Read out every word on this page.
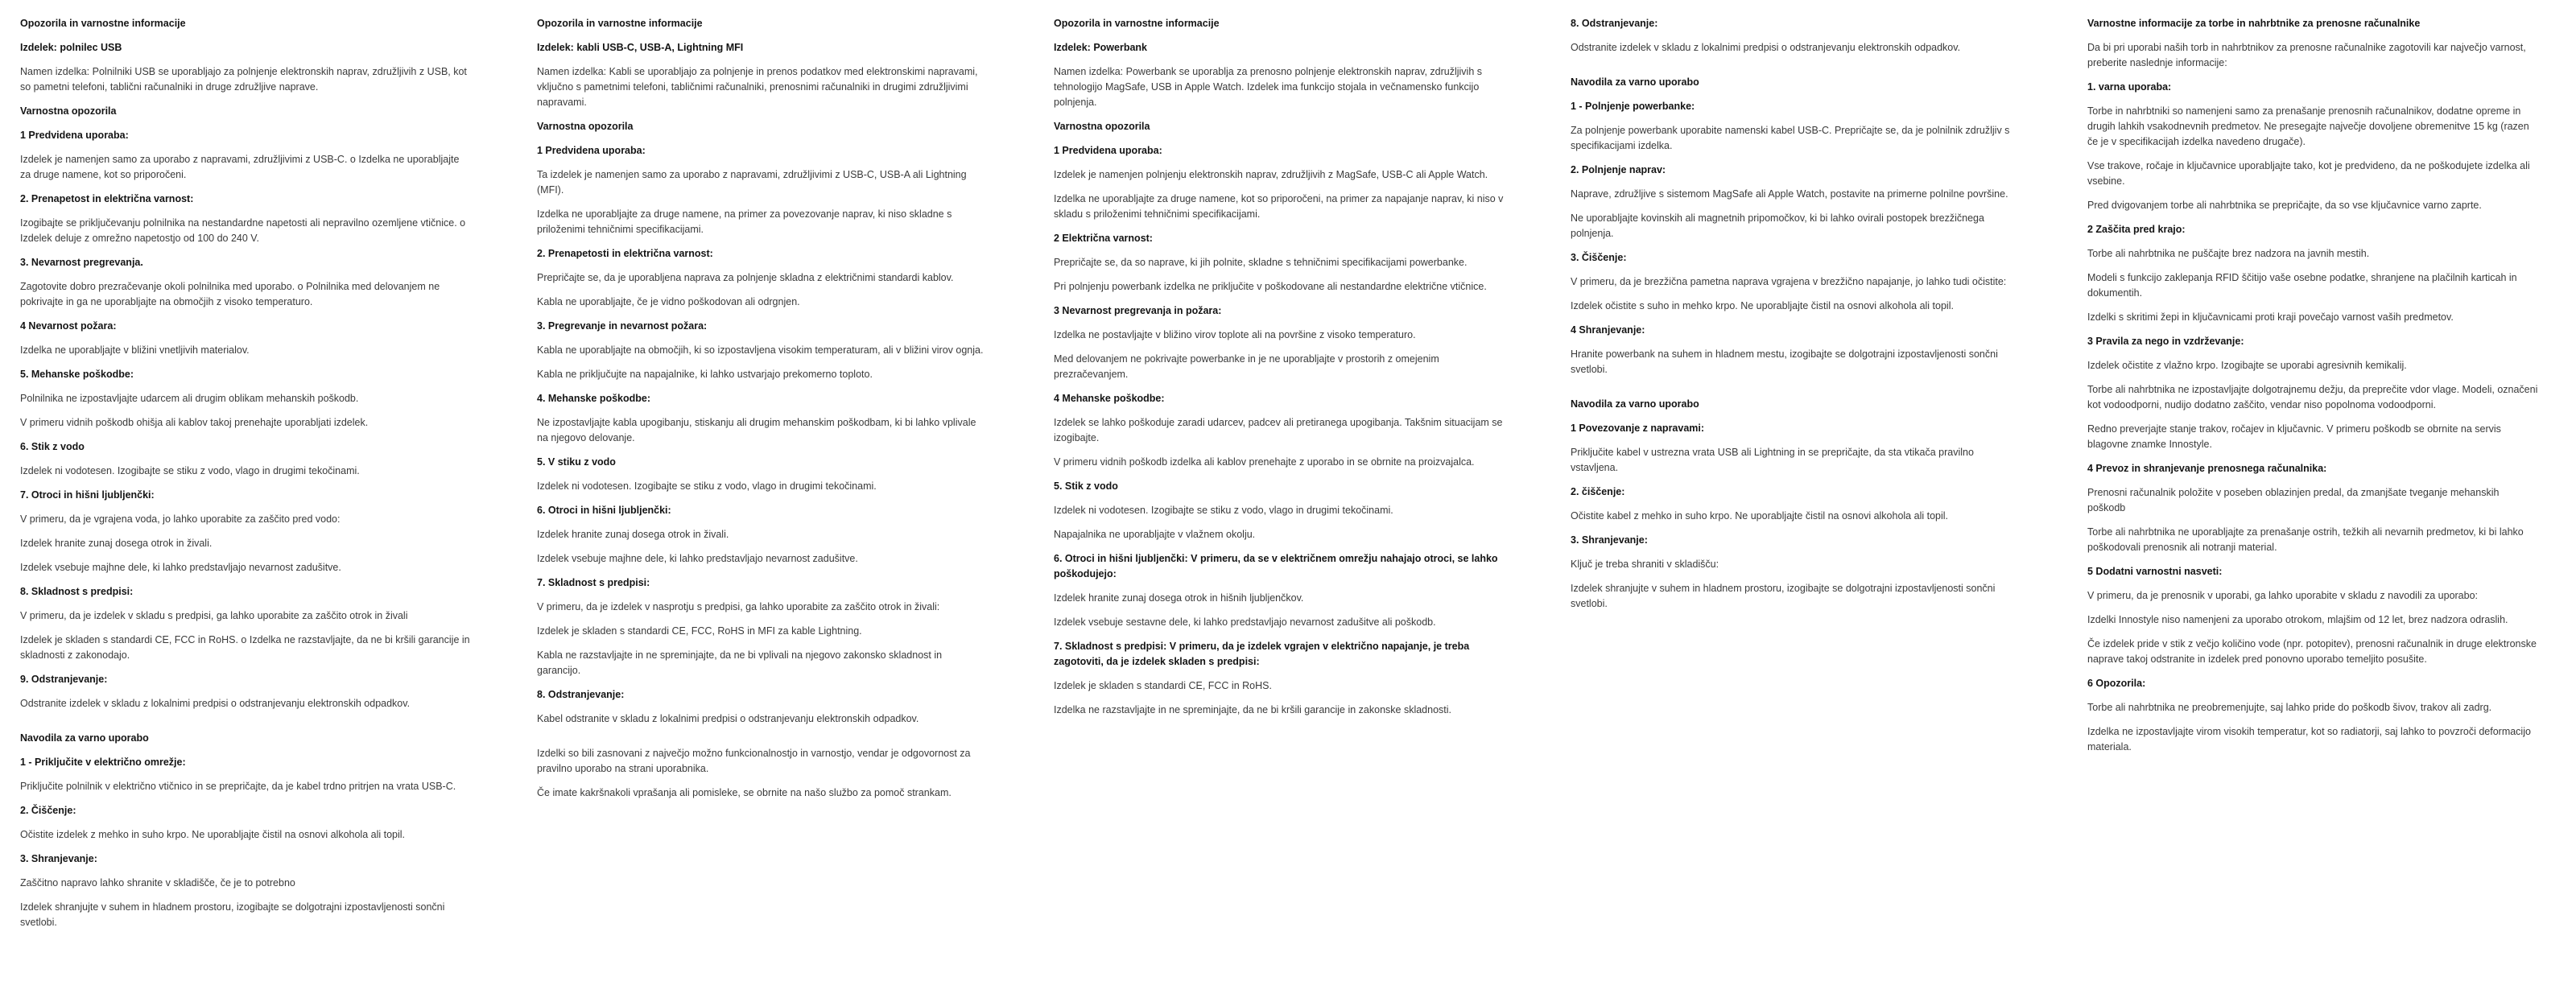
Opozorila in varnostne informacije

Izdelek: polnilec USB

Namen izdelka: Polnilniki USB se uporabljajo za polnjenje elektronskih naprav, združljivih z USB, kot so pametni telefoni, tablični računalniki in druge združljive naprave.

Varnostna opozorila

1 Predvidena uporaba:

Izdelek je namenjen samo za uporabo z napravami, združljivimi z USB-C. o Izdelka ne uporabljajte za druge namene, kot so priporočeni.

2. Prenapetost in električna varnost:

Izogibajte se priključevanju polnilnika na nestandardne napetosti ali nepravilno ozemljene vtičnice. o Izdelek deluje z omrežno napetostjo od 100 do 240 V.

3. Nevarnost pregrevanja.

Zagotovite dobro prezračevanje okoli polnilnika med uporabo. o Polnilnika med delovanjem ne pokrivajte in ga ne uporabljajte na območjih z visoko temperaturo.

4 Nevarnost požara:

Izdelka ne uporabljajte v bližini vnetljivih materialov.

5. Mehanske poškodbe:

Polnilnika ne izpostavljajte udarcem ali drugim oblikam mehanskih poškodb.

V primeru vidnih poškodb ohišja ali kablov takoj prenehajte uporabljati izdelek.

6. Stik z vodo

Izdelek ni vodotesen. Izogibajte se stiku z vodo, vlago in drugimi tekočinami.

7. Otroci in hišni ljubljenčki:

V primeru, da je vgrajena voda, jo lahko uporabite za zaščito pred vodo:

Izdelek hranite zunaj dosega otrok in živali.

Izdelek vsebuje majhne dele, ki lahko predstavljajo nevarnost zadušitve.

8. Skladnost s predpisi:

V primeru, da je izdelek v skladu s predpisi, ga lahko uporabite za zaščito otrok in živali

Izdelek je skladen s standardi CE, FCC in RoHS. o Izdelka ne razstavljajte, da ne bi kršili garancije in skladnosti z zakonodajo.

9. Odstranjevanje:

Odstranite izdelek v skladu z lokalnimi predpisi o odstranjevanju elektronskih odpadkov.

Navodila za varno uporabo

1 - Priključite v električno omrežje:

Priključite polnilnik v električno vtičnico in se prepričajte, da je kabel trdno pritrjen na vrata USB-C.

2. Čiščenje:

Očistite izdelek z mehko in suho krpo. Ne uporabljajte čistil na osnovi alkohola ali topil.

3. Shranjevanje:

Zaščitno napravo lahko shranite v skladišče, če je to potrebno

Izdelek shranjujte v suhem in hladnem prostoru, izogibajte se dolgotrajni izpostavljenosti sončni svetlobi.

Opozorila in varnostne informacije

Izdelek: kabli USB-C, USB-A, Lightning MFI

Namen izdelka: Kabli se uporabljajo za polnjenje in prenos podatkov med elektronskimi napravami, vključno s pametnimi telefoni, tabličnimi računalniki, prenosnimi računalniki in drugimi združljivimi napravami.

Varnostna opozorila

1 Predvidena uporaba:

Ta izdelek je namenjen samo za uporabo z napravami, združljivimi z USB-C, USB-A ali Lightning (MFI).

Izdelka ne uporabljajte za druge namene, na primer za povezovanje naprav, ki niso skladne s priloženimi tehničnimi specifikacijami.

2. Prenapetosti in električna varnost:

Prepričajte se, da je uporabljena naprava za polnjenje skladna z električnimi standardi kablov.

Kabla ne uporabljajte, če je vidno poškodovan ali odrgnjen.

3. Pregrevanje in nevarnost požara:

Kabla ne uporabljajte na območjih, ki so izpostavljena visokim temperaturam, ali v bližini virov ognja.

Kabla ne priključujte na napajalnike, ki lahko ustvarjajo prekomerno toploto.

4. Mehanske poškodbe:

Ne izpostavljajte kabla upogibanju, stiskanju ali drugim mehanskim poškodbam, ki bi lahko vplivale na njegovo delovanje.

5. V stiku z vodo

Izdelek ni vodotesen. Izogibajte se stiku z vodo, vlago in drugimi tekočinami.

6. Otroci in hišni ljubljenčki:

Izdelek hranite zunaj dosega otrok in živali.

Izdelek vsebuje majhne dele, ki lahko predstavljajo nevarnost zadušitve.

7. Skladnost s predpisi:

V primeru, da je izdelek v nasprotju s predpisi, ga lahko uporabite za zaščito otrok in živali:

Izdelek je skladen s standardi CE, FCC, RoHS in MFI za kable Lightning.

Kabla ne razstavljajte in ne spreminjajte, da ne bi vplivali na njegovo zakonsko skladnost in garancijo.

8. Odstranjevanje:

Kabel odstranite v skladu z lokalnimi predpisi o odstranjevanju elektronskih odpadkov.

Izdelki so bili zasnovani z največjo možno funkcionalnostjo in varnostjo, vendar je odgovornost za pravilno uporabo na strani uporabnika.

Če imate kakršnakoli vprašanja ali pomisleke, se obrnite na našo službo za pomoč strankam.

Opozorila in varnostne informacije

Izdelek: Powerbank

Namen izdelka: Powerbank se uporablja za prenosno polnjenje elektronskih naprav, združljivih s tehnologijo MagSafe, USB in Apple Watch. Izdelek ima funkcijo stojala in večnamensko funkcijo polnjenja.

Varnostna opozorila

1 Predvidena uporaba:

Izdelek je namenjen polnjenju elektronskih naprav, združljivih z MagSafe, USB-C ali Apple Watch.

Izdelka ne uporabljajte za druge namene, kot so priporočeni, na primer za napajanje naprav, ki niso v skladu s priloženimi tehničnimi specifikacijami.

2 Električna varnost:

Prepričajte se, da so naprave, ki jih polnite, skladne s tehničnimi specifikacijami powerbanke.

Pri polnjenju powerbank izdelka ne priključite v poškodovane ali nestandardne električne vtičnice.

3 Nevarnost pregrevanja in požara:

Izdelka ne postavljajte v bližino virov toplote ali na površine z visoko temperaturo.

Med delovanjem ne pokrivajte powerbanke in je ne uporabljajte v prostorih z omejenim prezračevanjem.

4 Mehanske poškodbe:

Izdelek se lahko poškoduje zaradi udarcev, padcev ali pretiranega upogibanja. Takšnim situacijam se izogibajte.

V primeru vidnih poškodb izdelka ali kablov prenehajte z uporabo in se obrnite na proizvajalca.

5. Stik z vodo

Izdelek ni vodotesen. Izogibajte se stiku z vodo, vlago in drugimi tekočinami.

Napajalnika ne uporabljajte v vlažnem okolju.

6. Otroci in hišni ljubljenčki: V primeru, da se v električnem omrežju nahajajo otroci, se lahko poškodujejo:

Izdelek hranite zunaj dosega otrok in hišnih ljubljenčkov.

Izdelek vsebuje sestavne dele, ki lahko predstavljajo nevarnost zadušitve ali poškodb.

7. Skladnost s predpisi: V primeru, da je izdelek vgrajen v električno napajanje, je treba zagotoviti, da je izdelek skladen s predpisi:

Izdelek je skladen s standardi CE, FCC in RoHS.

Izdelka ne razstavljajte in ne spreminjajte, da ne bi kršili garancije in zakonske skladnosti.

8. Odstranjevanje:

Odstranite izdelek v skladu z lokalnimi predpisi o odstranjevanju elektronskih odpadkov.

Navodila za varno uporabo

1 - Polnjenje powerbanke:

Za polnjenje powerbank uporabite namenski kabel USB-C. Prepričajte se, da je polnilnik združljiv s specifikacijami izdelka.

2. Polnjenje naprav:

Naprave, združljive s sistemom MagSafe ali Apple Watch, postavite na primerne polnilne površine.

Ne uporabljajte kovinskih ali magnetnih pripomočkov, ki bi lahko ovirali postopek brezžičnega polnjenja.

3. Čiščenje:

V primeru, da je brezžična pametna naprava vgrajena v brezžično napajanje, jo lahko tudi očistite:

Izdelek očistite s suho in mehko krpo. Ne uporabljajte čistil na osnovi alkohola ali topil.

4 Shranjevanje:

Hranite powerbank na suhem in hladnem mestu, izogibajte se dolgotrajni izpostavljenosti sončni svetlobi.

Navodila za varno uporabo

1 Povezovanje z napravami:

Priključite kabel v ustrezna vrata USB ali Lightning in se prepričajte, da sta vtikača pravilno vstavljena.

2. čiščenje:

Očistite kabel z mehko in suho krpo. Ne uporabljajte čistil na osnovi alkohola ali topil.

3. Shranjevanje:

Ključ je treba shraniti v skladišču:

Izdelek shranjujte v suhem in hladnem prostoru, izogibajte se dolgotrajni izpostavljenosti sončni svetlobi.

Varnostne informacije za torbe in nahrbtnike za prenosne računalnike

Da bi pri uporabi naših torb in nahrbtnikov za prenosne računalnike zagotovili kar največjo varnost, preberite naslednje informacije:

1. varna uporaba:

Torbe in nahrbtniki so namenjeni samo za prenašanje prenosnih računalnikov, dodatne opreme in drugih lahkih vsakodnevnih predmetov. Ne presegajte največje dovoljene obremenitve 15 kg (razen če je v specifikacijah izdelka navedeno drugače).

Vse trakove, ročaje in ključavnice uporabljajte tako, kot je predvideno, da ne poškodujete izdelka ali vsebine.

Pred dvigovanjem torbe ali nahrbtnika se prepričajte, da so vse ključavnice varno zaprte.

2 Zaščita pred krajo:

Torbe ali nahrbtnika ne puščajte brez nadzora na javnih mestih.

Modeli s funkcijo zaklepanja RFID ščitijo vaše osebne podatke, shranjene na plačilnih karticah in dokumentih.

Izdelki s skritimi žepi in ključavnicami proti kraji povečajo varnost vaših predmetov.

3 Pravila za nego in vzdrževanje:

Izdelek očistite z vlažno krpo. Izogibajte se uporabi agresivnih kemikalij.

Torbe ali nahrbtnika ne izpostavljajte dolgotrajnemu dežju, da preprečite vdor vlage. Modeli, označeni kot vodoodporni, nudijo dodatno zaščito, vendar niso popolnoma vodoodporni.

Redno preverjajte stanje trakov, ročajev in ključavnic. V primeru poškodb se obrnite na servis blagovne znamke Innostyle.

4 Prevoz in shranjevanje prenosnega računalnika:

Prenosni računalnik položite v poseben oblazinjen predal, da zmanjšate tveganje mehanskih poškodb

Torbe ali nahrbtnika ne uporabljajte za prenašanje ostrih, težkih ali nevarnih predmetov, ki bi lahko poškodovali prenosnik ali notranji material.

5 Dodatni varnostni nasveti:

V primeru, da je prenosnik v uporabi, ga lahko uporabite v skladu z navodili za uporabo:

Izdelki Innostyle niso namenjeni za uporabo otrokom, mlajšim od 12 let, brez nadzora odraslih.

Če izdelek pride v stik z večjo količino vode (npr. potopitev), prenosni računalnik in druge elektronske naprave takoj odstranite in izdelek pred ponovno uporabo temeljito posušite.

6 Opozorila:

Torbe ali nahrbtnika ne preobremenjujte, saj lahko pride do poškodb šivov, trakov ali zadrg.

Izdelka ne izpostavljajte virom visokih temperatur, kot so radiatorji, saj lahko to povzroči deformacijo materiala.
